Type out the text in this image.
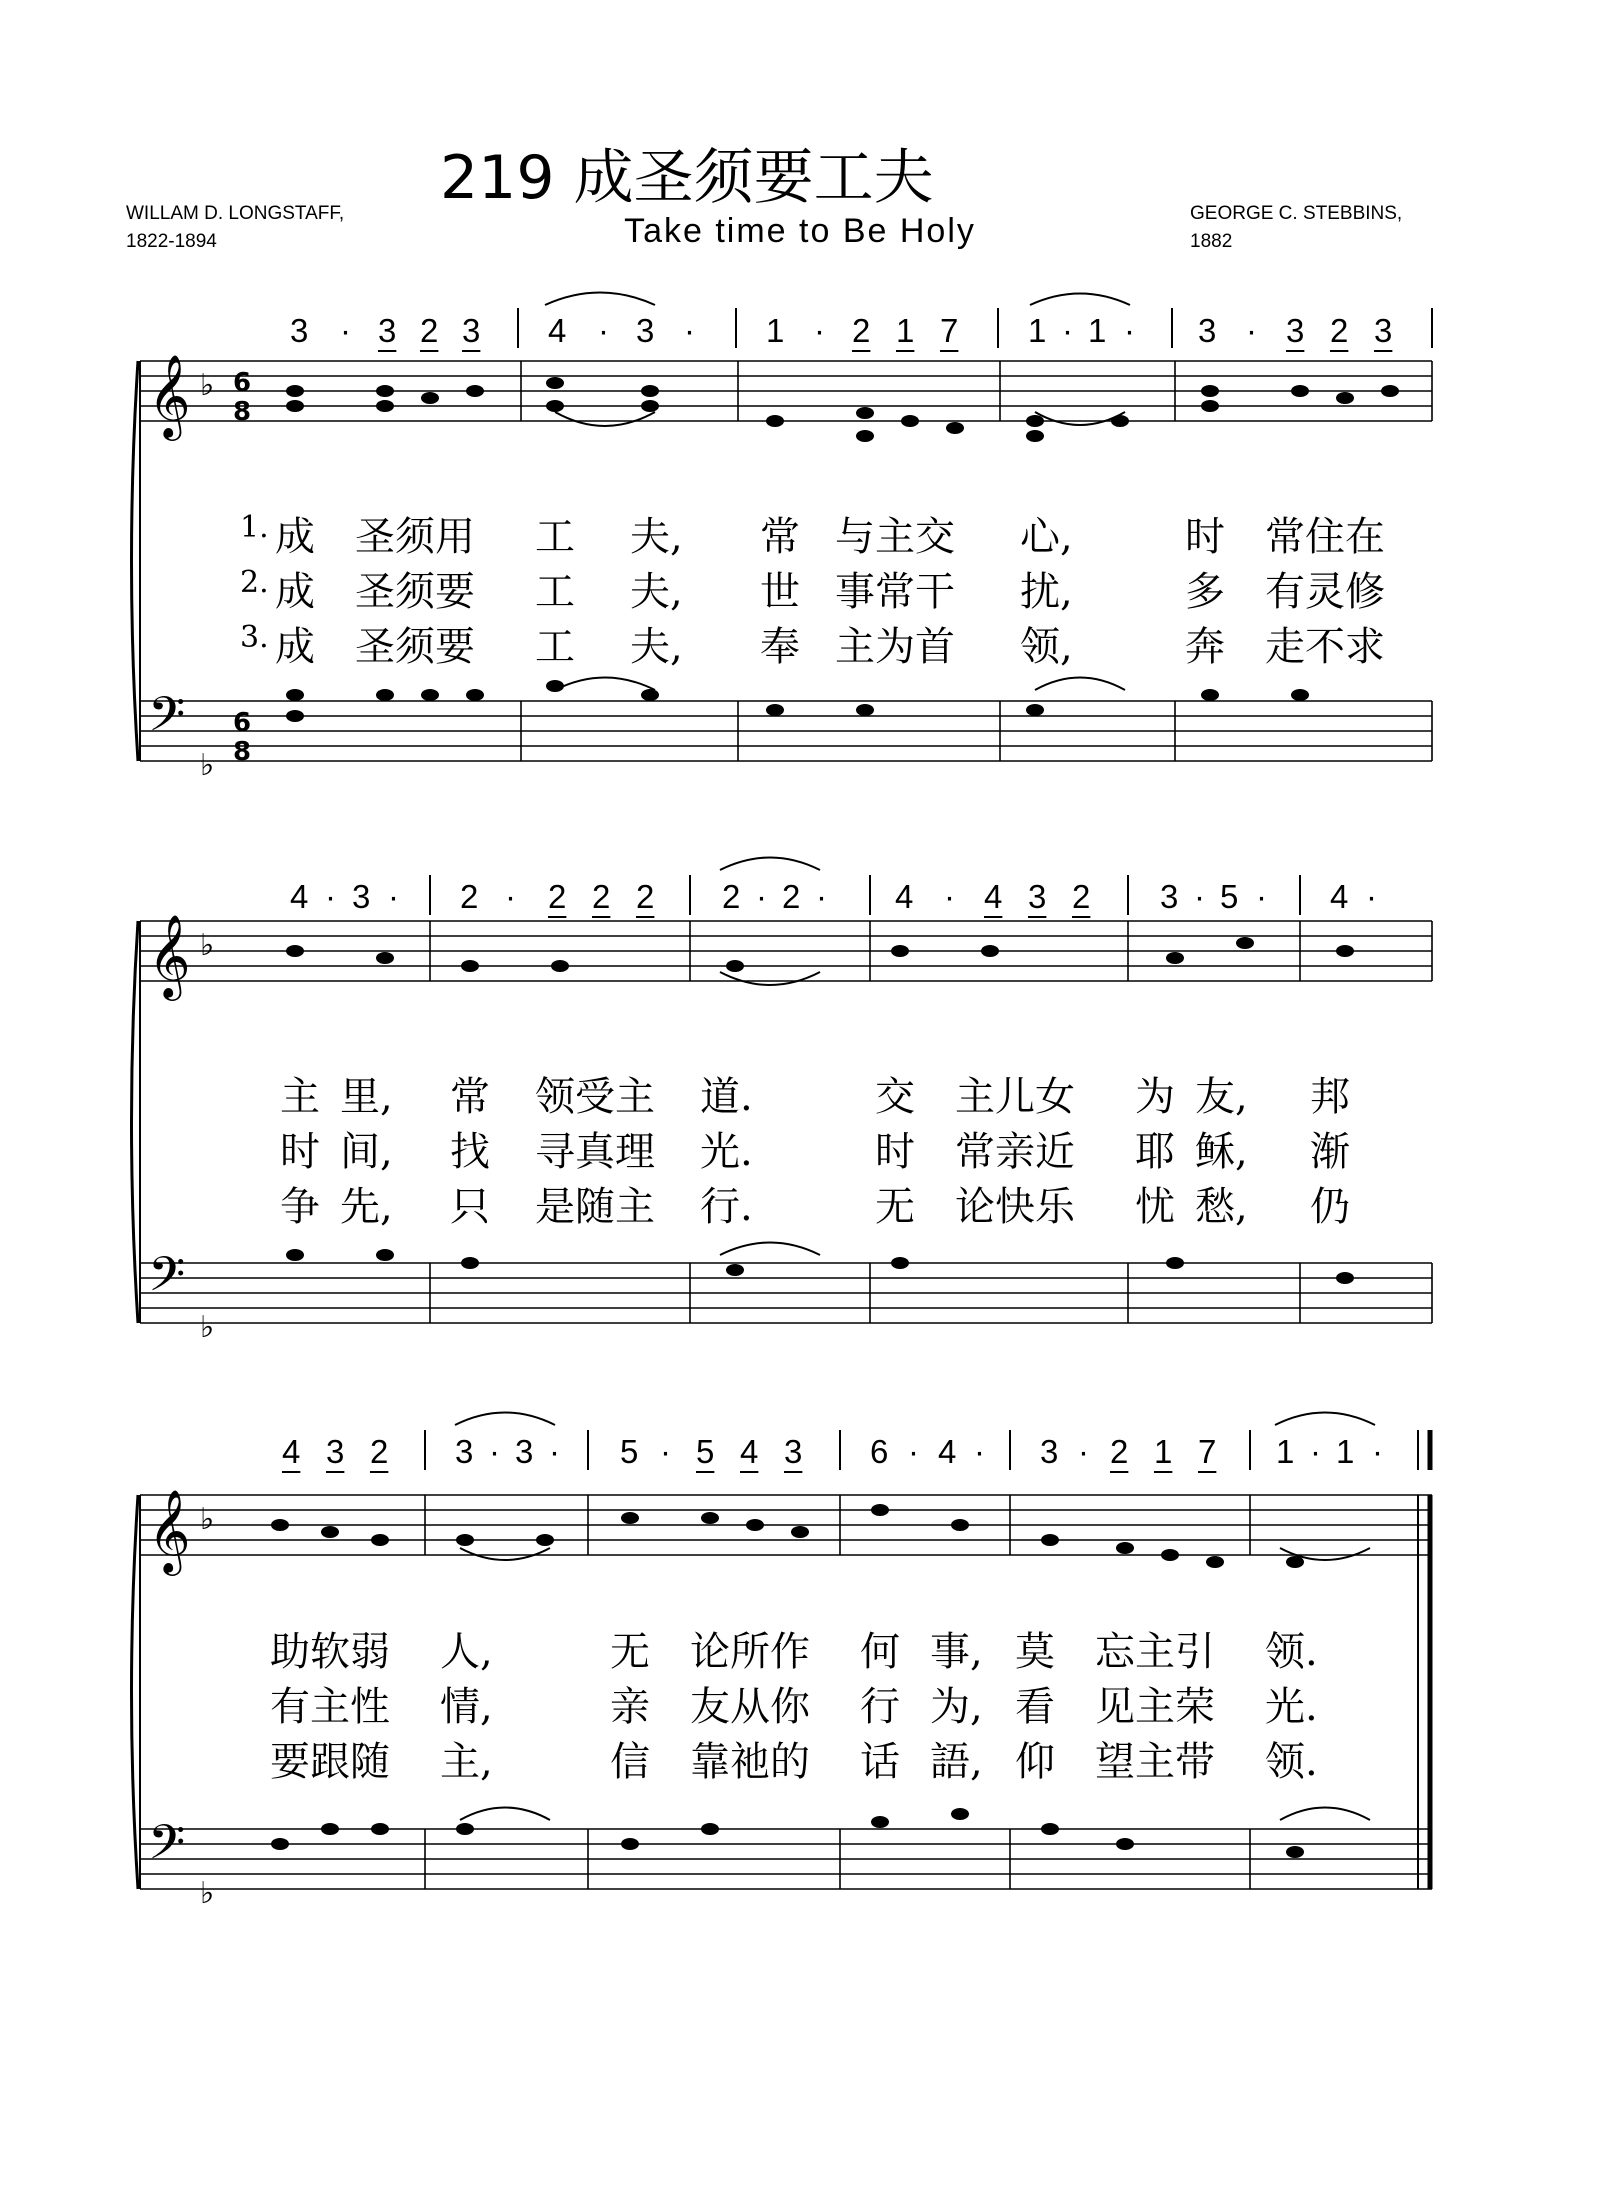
219 成圣须要工夫
Take time to Be Holy
WILLAM D. LONGSTAFF,
1822-1894
GEORGE C. STEBBINS,
1882
𝄞
𝄢
𝄞
𝄢
𝄞
𝄢
♭
♭
♭
♭
♭
♭
6
8
6
8
3 · 3 2 3 4 · 3 · 1 · 2 1 7 1 · 1 · 3 · 3 2 3
1. 成 圣须用 工 夫, 常 与主交 心,	时 常住在
2. 成 圣须要 工 夫, 世 事常干 扰,	多 有灵修
3. 成 圣须要 工 夫, 奉 主为首 领,	奔 走不求
4 · 3 · 2 · 2 2 2 2 · 2 · 4 · 4 3 2 3 · 5 · 4 ·
主 里, 常 领受主 道.	交 主儿女 为 友, 邦
时 间, 找 寻真理 光.	时 常亲近 耶 稣, 渐
争 先, 只 是随主 行.	无 论快乐 忧 愁, 仍
4 3 2 3 · 3 · 5 · 5 4 3 6 · 4 · 3 · 2 1 7 1 · 1 ·
助软弱 人,	无 论所作 何 事, 莫 忘主引 领.
有主性 情,	亲 友从你 行 为, 看 见主荣 光.
要跟随 主,	信 靠祂的 话 語, 仰 望主带 领.
